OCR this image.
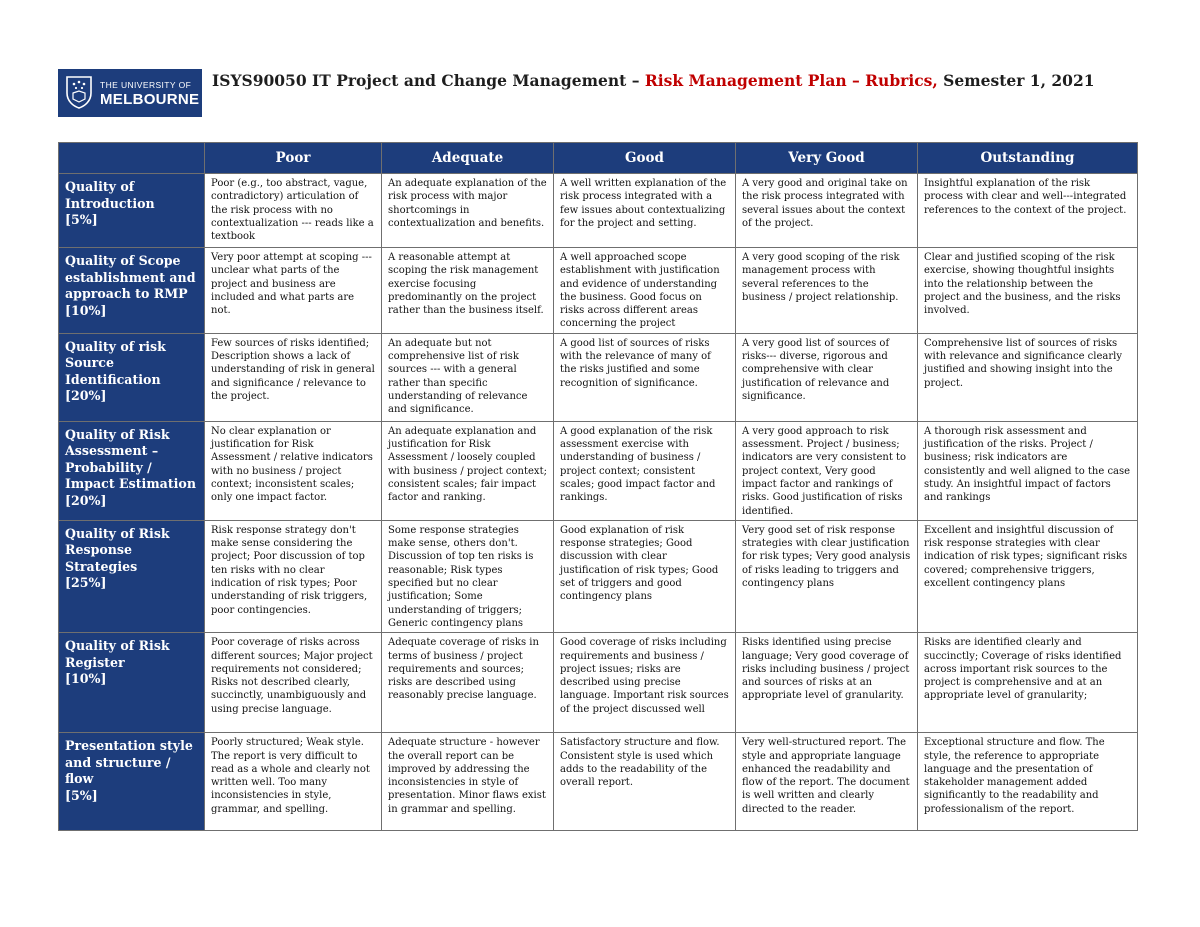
THE UNIVERSITY OF
MELBOURNE
ISYS90050 IT Project and Change Management – Risk Management Plan – Rubrics, Semester 1, 2021
	Poor	Adequate	Good	Very Good	Outstanding

Quality of Introduction
[5%]	Poor (e.g., too abstract, vague, contradictory) articulation of the risk process with no contextualization --- reads like a textbook	An adequate explanation of the risk process with major shortcomings in contextualization and benefits.	A well written explanation of the risk process integrated with a few issues about contextualizing for the project and setting.	A very good and original take on the risk process integrated with several issues about the context of the project.	Insightful explanation of the risk process with clear and well---integrated references to the context of the project.

Quality of Scope establishment and approach to RMP
[10%]	Very poor attempt at scoping --- unclear what parts of the project and business are included and what parts are not.	A reasonable attempt at scoping the risk management exercise focusing predominantly on the project rather than the business itself.	A well approached scope establishment with justification and evidence of understanding the business. Good focus on risks across different areas concerning the project	A very good scoping of the risk management process with several references to the business / project relationship.	Clear and justified scoping of the risk exercise, showing thoughtful insights into the relationship between the project and the business, and the risks involved.

Quality of risk Source Identification
[20%]	Few sources of risks identified; Description shows a lack of understanding of risk in general and significance / relevance to the project.	An adequate but not comprehensive list of risk sources --- with a general rather than specific understanding of relevance and significance.	A good list of sources of risks with the relevance of many of the risks justified and some recognition of significance.	A very good list of sources of risks--- diverse, rigorous and comprehensive with clear justification of relevance and significance.	Comprehensive list of sources of risks with relevance and significance clearly justified and showing insight into the project.

Quality of Risk Assessment – Probability / Impact Estimation
[20%]	No clear explanation or justification for Risk Assessment / relative indicators with no business / project context; inconsistent scales; only one impact factor.	An adequate explanation and justification for Risk Assessment / loosely coupled with business / project context; consistent scales; fair impact factor and ranking.	A good explanation of the risk assessment exercise with understanding of business / project context; consistent scales; good impact factor and rankings.	A very good approach to risk assessment. Project / business; indicators are very consistent to project context, Very good impact factor and rankings of risks. Good justification of risks identified.	A thorough risk assessment and justification of the risks. Project / business; risk indicators are consistently and well aligned to the case study. An insightful impact of factors and rankings

Quality of Risk Response Strategies
[25%]	Risk response strategy don't make sense considering the project; Poor discussion of top ten risks with no clear indication of risk types; Poor understanding of risk triggers, poor contingencies.	Some response strategies make sense, others don't. Discussion of top ten risks is reasonable; Risk types specified but no clear justification; Some understanding of triggers; Generic contingency plans	Good explanation of risk response strategies; Good discussion with clear justification of risk types; Good set of triggers and good contingency plans	Very good set of risk response strategies with clear justification for risk types; Very good analysis of risks leading to triggers and contingency plans	Excellent and insightful discussion of risk response strategies with clear indication of risk types; significant risks covered; comprehensive triggers, excellent contingency plans

Quality of Risk Register
[10%]	Poor coverage of risks across different sources; Major project requirements not considered; Risks not described clearly, succinctly, unambiguously and using precise language.	Adequate coverage of risks in terms of business / project requirements and sources; risks are described using reasonably precise language.	Good coverage of risks including requirements and business / project issues; risks are described using precise language. Important risk sources of the project discussed well	Risks identified using precise language; Very good coverage of risks including business / project and sources of risks at an appropriate level of granularity.	Risks are identified clearly and succinctly; Coverage of risks identified across important risk sources to the project is comprehensive and at an appropriate level of granularity;

Presentation style and structure / flow
[5%]	Poorly structured; Weak style. The report is very difficult to read as a whole and clearly not written well. Too many inconsistencies in style, grammar, and spelling.	Adequate structure - however the overall report can be improved by addressing the inconsistencies in style of presentation. Minor flaws exist in grammar and spelling.	Satisfactory structure and flow. Consistent style is used which adds to the readability of the overall report.	Very well-structured report. The style and appropriate language enhanced the readability and flow of the report. The document is well written and clearly directed to the reader.	Exceptional structure and flow. The style, the reference to appropriate language and the presentation of stakeholder management added significantly to the readability and professionalism of the report.
